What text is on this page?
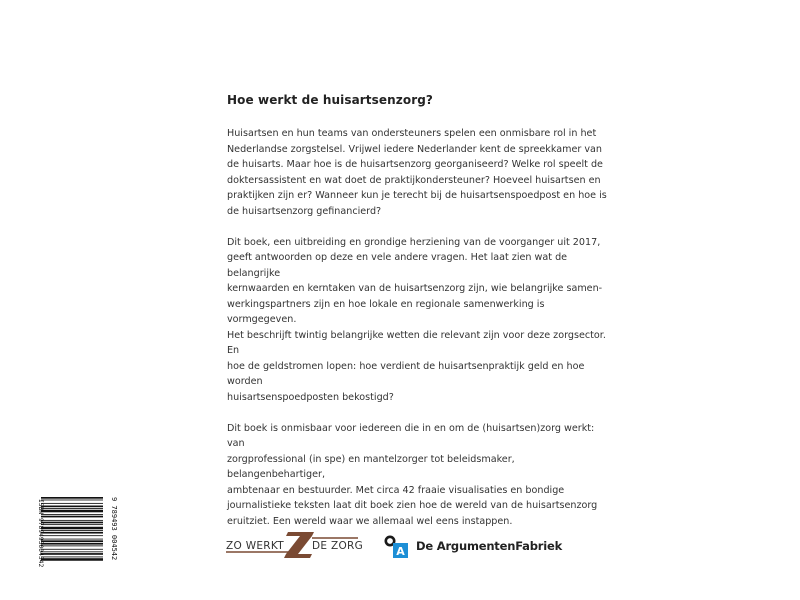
Hoe werkt de huisartsenzorg?

Huisartsen en hun teams van ondersteuners spelen een onmisbare rol in het
Nederlandse zorgstelsel. Vrijwel iedere Nederlander kent de spreekkamer van
de huisarts. Maar hoe is de huisartsenzorg georganiseerd? Welke rol speelt de
doktersassistent en wat doet de praktijkondersteuner? Hoeveel huisartsen en
praktijken zijn er? Wanneer kun je terecht bij de huisartsenspoedpost en hoe is
de huisartsenzorg gefinancierd?

Dit boek, een uitbreiding en grondige herziening van de voorganger uit 2017,
geeft antwoorden op deze en vele andere vragen. Het laat zien wat de belangrijke
kernwaarden en kerntaken van de huisartsenzorg zijn, wie belangrijke samen-
werkingspartners zijn en hoe lokale en regionale samenwerking is vormgegeven.
Het beschrijft twintig belangrijke wetten die relevant zijn voor deze zorgsector. En
hoe de geldstromen lopen: hoe verdient de huisartsenpraktijk geld en hoe worden
huisartsenspoedposten bekostigd?

Dit boek is onmisbaar voor iedereen die in en om de (huisartsen)zorg werkt: van
zorgprofessional (in spe) en mantelzorger tot beleidsmaker, belangenbehartiger,
ambtenaar en bestuurder. Met circa 42 fraaie visualisaties en bondige
journalistieke teksten laat dit boek zien hoe de wereld van de huisartsenzorg
eruitziet. Een wereld waar we allemaal wel eens instappen.

ISBN 9789493004542	9 789493 004542	ZO WERKT	DE ZORG	A De ArgumentenFabriek
